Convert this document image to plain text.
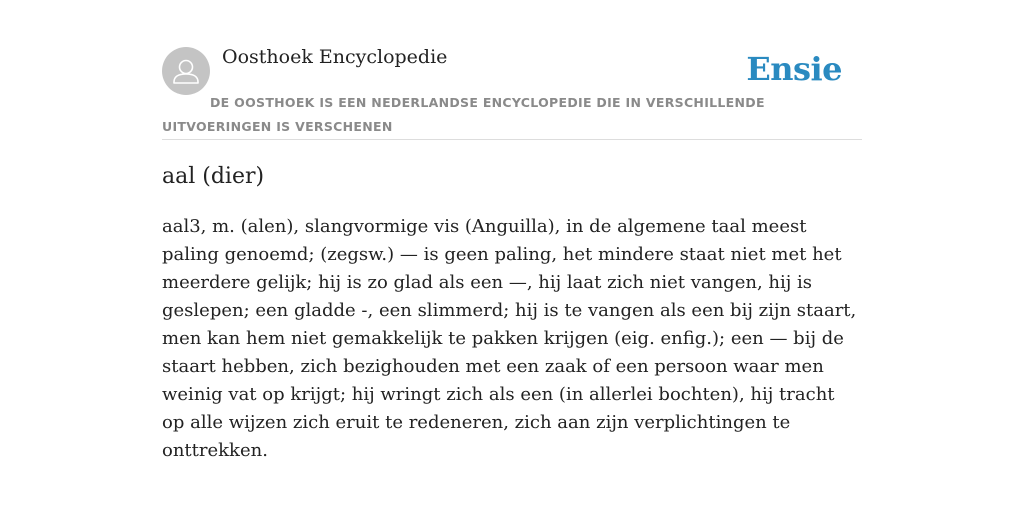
Oosthoek Encyclopedie	Ensie
DE OOSTHOEK IS EEN NEDERLANDSE ENCYCLOPEDIE DIE IN VERSCHILLENDE UITVOERINGEN IS VERSCHENEN
aal (dier)

aal3, m. (alen), slangvormige vis (Anguilla), in de algemene taal meest paling genoemd; (zegsw.) — is geen paling, het mindere staat niet met het meerdere gelijk; hij is zo glad als een —, hij laat zich niet vangen, hij is geslepen; een gladde -, een slimmerd; hij is te vangen als een bij zijn staart, men kan hem niet gemakkelijk te pakken krijgen (eig. enfig.); een — bij de staart hebben, zich bezighouden met een zaak of een persoon waar men weinig vat op krijgt; hij wringt zich als een (in allerlei bochten), hij tracht op alle wijzen zich eruit te redeneren, zich aan zijn verplichtingen te onttrekken.
